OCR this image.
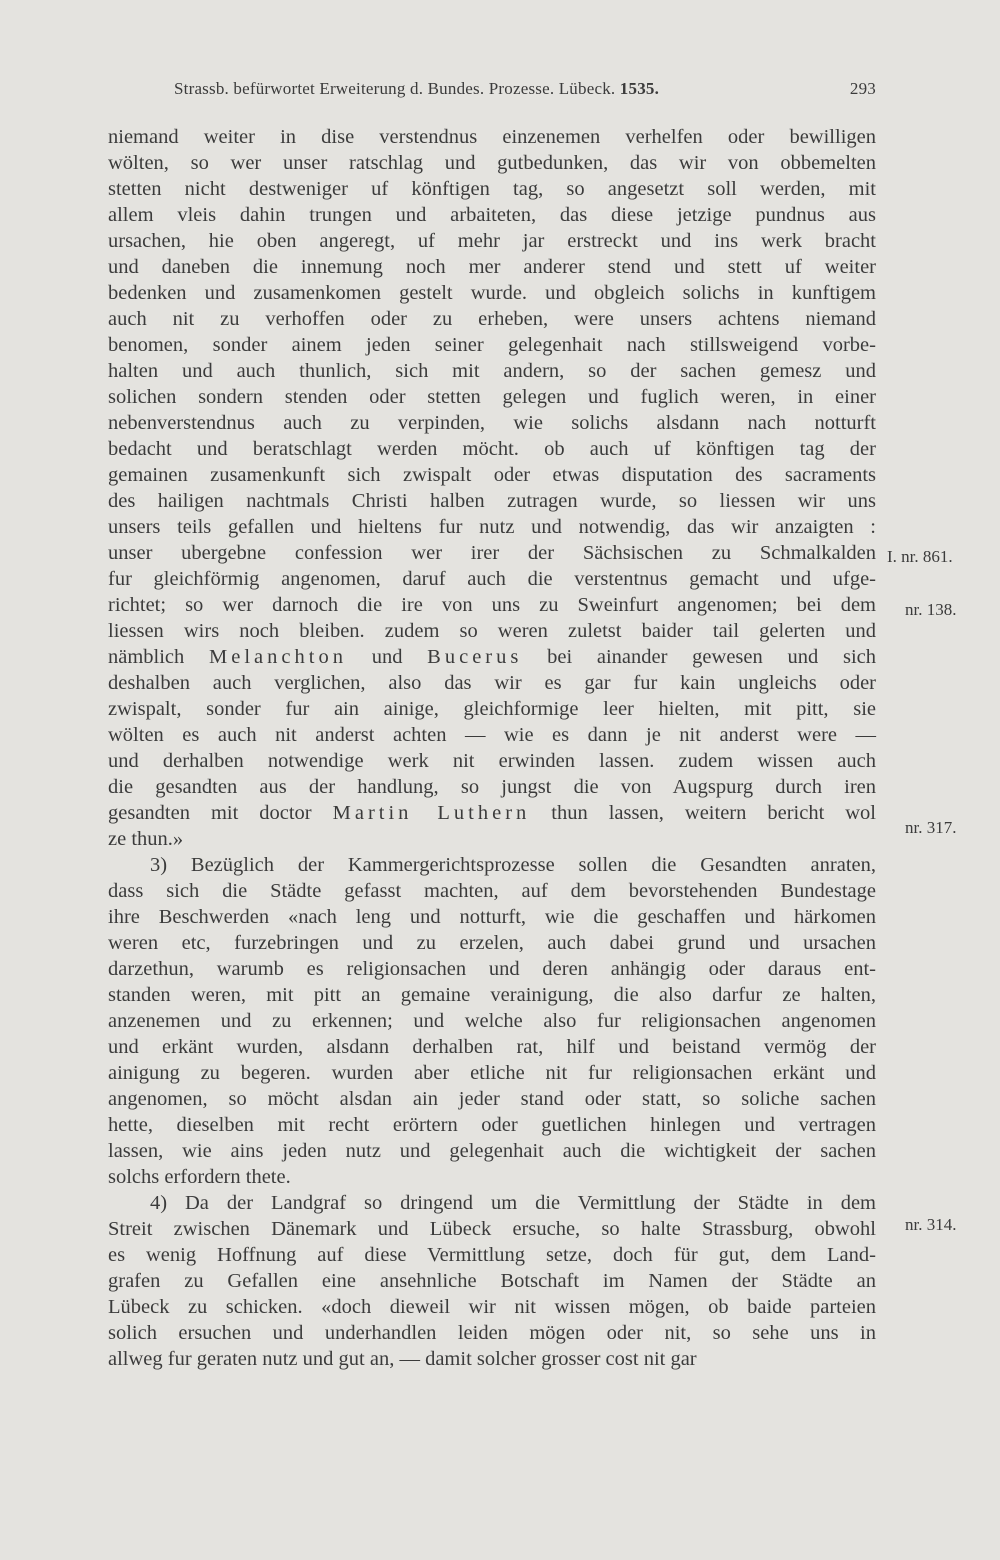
Strassb. befürwortet Erweiterung d. Bundes. Prozesse. Lübeck. 1535.	293
niemand weiter in dise verstendnus einzenemen verhelfen oder bewilligen
wölten, so wer unser ratschlag und gutbedunken, das wir von obbemelten
stetten nicht destweniger uf könftigen tag, so angesetzt soll werden, mit
allem vleis dahin trungen und arbaiteten, das diese jetzige pundnus aus
ursachen, hie oben angeregt, uf mehr jar erstreckt und ins werk bracht
und daneben die innemung noch mer anderer stend und stett uf weiter
bedenken und zusamenkomen gestelt wurde. und obgleich solichs in kunftigem
auch nit zu verhoffen oder zu erheben, were unsers achtens niemand
benomen, sonder ainem jeden seiner gelegenhait nach stillsweigend vorbe-
halten und auch thunlich, sich mit andern, so der sachen gemesz und
solichen sondern stenden oder stetten gelegen und fuglich weren, in einer
nebenverstendnus auch zu verpinden, wie solichs alsdann nach notturft
bedacht und beratschlagt werden möcht. ob auch uf könftigen tag der
gemainen zusamenkunft sich zwispalt oder etwas disputation des sacraments
des hailigen nachtmals Christi halben zutragen wurde, so liessen wir uns
unsers teils gefallen und hieltens fur nutz und notwendig, das wir anzaigten :
unser ubergebne confession wer irer der Sächsischen zu Schmalkalden
fur gleichförmig angenomen, daruf auch die verstentnus gemacht und ufge-
richtet; so wer darnoch die ire von uns zu Sweinfurt angenomen; bei dem
liessen wirs noch bleiben. zudem so weren zuletst baider tail gelerten und
nämblich Melanchton und Bucerus bei ainander gewesen und sich
deshalben auch verglichen, also das wir es gar fur kain ungleichs oder
zwispalt, sonder fur ain ainige, gleichformige leer hielten, mit pitt, sie
wölten es auch nit anderst achten — wie es dann je nit anderst were —
und derhalben notwendige werk nit erwinden lassen. zudem wissen auch
die gesandten aus der handlung, so jungst die von Augspurg durch iren
gesandten mit doctor Martin Luthern thun lassen, weitern bericht wol
ze thun.»
3) Bezüglich der Kammergerichtsprozesse sollen die Gesandten anraten,
dass sich die Städte gefasst machten, auf dem bevorstehenden Bundestage
ihre Beschwerden «nach leng und notturft, wie die geschaffen und härkomen
weren etc, furzebringen und zu erzelen, auch dabei grund und ursachen
darzethun, warumb es religionsachen und deren anhängig oder daraus ent-
standen weren, mit pitt an gemaine verainigung, die also darfur ze halten,
anzenemen und zu erkennen; und welche also fur religionsachen angenomen
und erkänt wurden, alsdann derhalben rat, hilf und beistand vermög der
ainigung zu begeren. wurden aber etliche nit fur religionsachen erkänt und
angenomen, so möcht alsdan ain jeder stand oder statt, so soliche sachen
hette, dieselben mit recht erörtern oder guetlichen hinlegen und vertragen
lassen, wie ains jeden nutz und gelegenhait auch die wichtigkeit der sachen
solchs erfordern thete.
4) Da der Landgraf so dringend um die Vermittlung der Städte in dem
Streit zwischen Dänemark und Lübeck ersuche, so halte Strassburg, obwohl
es wenig Hoffnung auf diese Vermittlung setze, doch für gut, dem Land-
grafen zu Gefallen eine ansehnliche Botschaft im Namen der Städte an
Lübeck zu schicken. «doch dieweil wir nit wissen mögen, ob baide parteien
solich ersuchen und underhandlen leiden mögen oder nit, so sehe uns in
allweg fur geraten nutz und gut an, — damit solcher grosser cost nit gar
I. nr. 861.
nr. 138.
nr. 317.
nr. 314.
